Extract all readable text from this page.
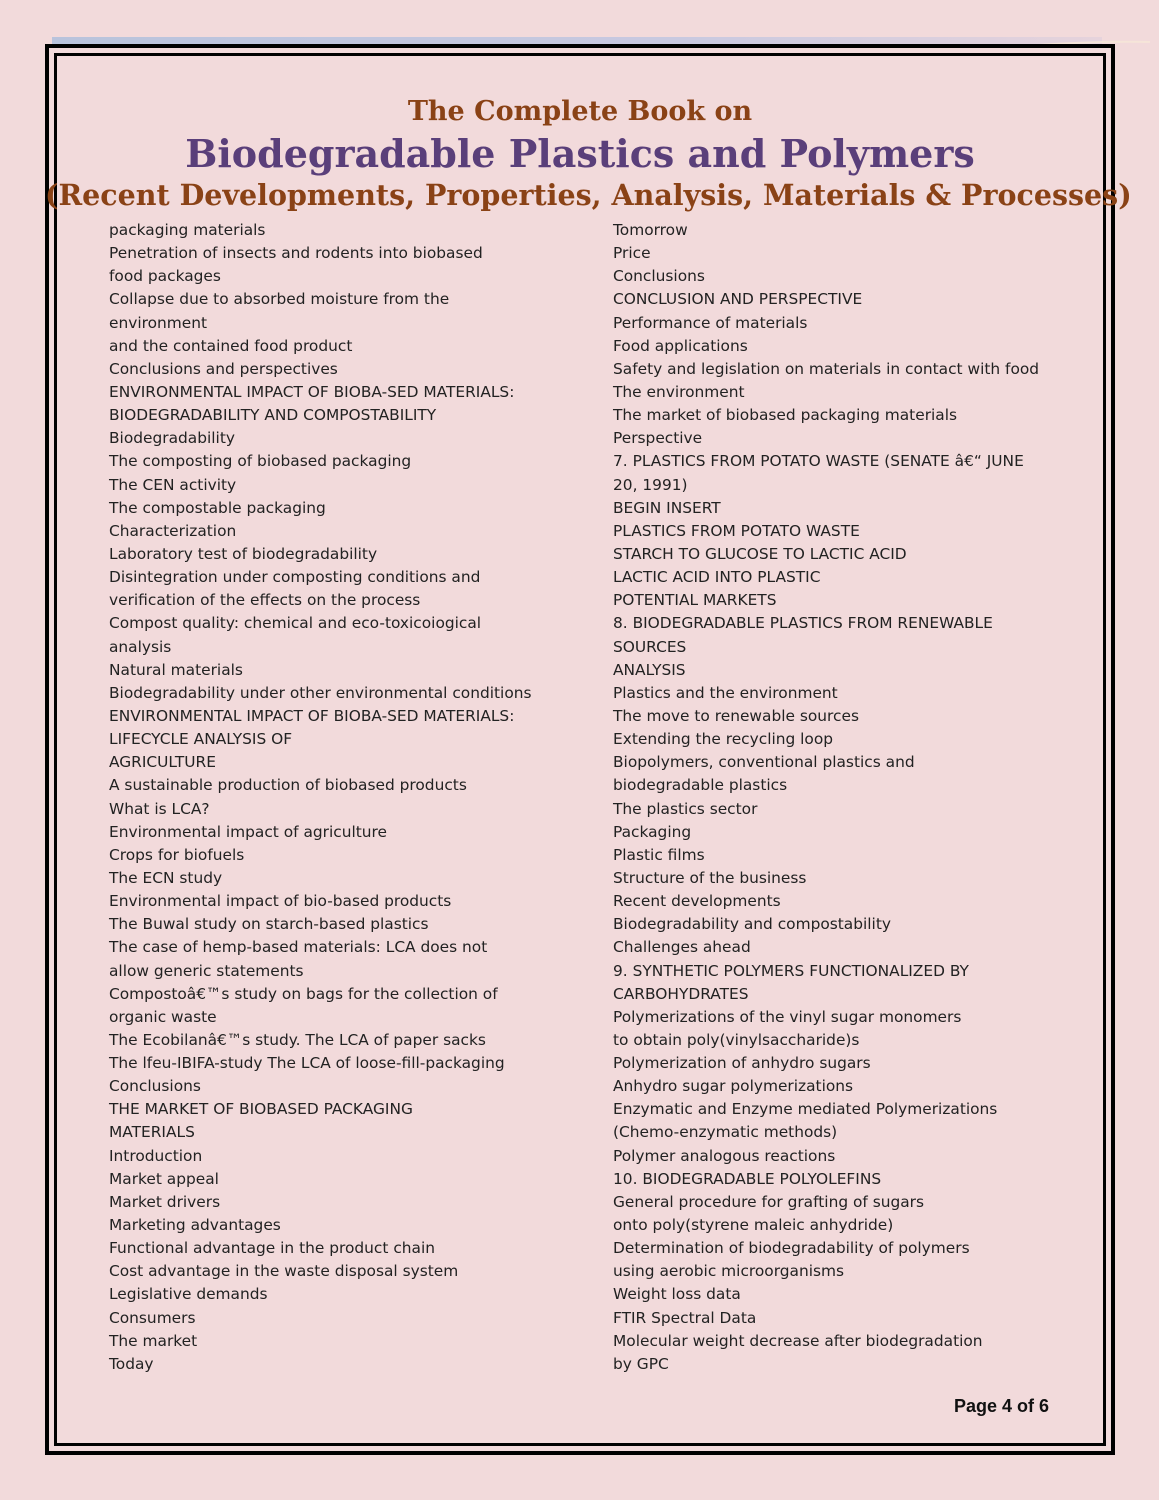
The Complete Book on
Biodegradable Plastics and Polymers
(Recent Developments, Properties, Analysis, Materials & Processes)
packaging materials
Penetration of insects and rodents into biobased
food packages
Collapse due to absorbed moisture from the
environment
and the contained food product
Conclusions and perspectives
ENVIRONMENTAL IMPACT OF BIOBA-SED MATERIALS:
BIODEGRADABILITY AND COMPOSTABILITY
Biodegradability
The composting of biobased packaging
The CEN activity
The compostable packaging
Characterization
Laboratory test of biodegradability
Disintegration under composting conditions and
verification of the effects on the process
Compost quality: chemical and eco-toxicoiogical
analysis
Natural materials
Biodegradability under other environmental conditions
ENVIRONMENTAL IMPACT OF BIOBA-SED MATERIALS:
LIFECYCLE ANALYSIS OF
AGRICULTURE
A sustainable production of biobased products
What is LCA?
Environmental impact of agriculture
Crops for biofuels
The ECN study
Environmental impact of bio-based products
The Buwal study on starch-based plastics
The case of hemp-based materials: LCA does not
allow generic statements
Compostoâ€™s study on bags for the collection of
organic waste
The Ecobilanâ€™s study. The LCA of paper sacks
The lfeu-IBIFA-study The LCA of loose-fill-packaging
Conclusions
THE MARKET OF BIOBASED PACKAGING
MATERIALS
Introduction
Market appeal
Market drivers
Marketing advantages
Functional advantage in the product chain
Cost advantage in the waste disposal system
Legislative demands
Consumers
The market
Today
Tomorrow
Price
Conclusions
CONCLUSION AND PERSPECTIVE
Performance of materials
Food applications
Safety and legislation on materials in contact with food
The environment
The market of biobased packaging materials
Perspective
7. PLASTICS FROM POTATO WASTE (SENATE â€“ JUNE
20, 1991)
BEGIN INSERT
PLASTICS FROM POTATO WASTE
STARCH TO GLUCOSE TO LACTIC ACID
LACTIC ACID INTO PLASTIC
POTENTIAL MARKETS
8. BIODEGRADABLE PLASTICS FROM RENEWABLE
SOURCES
ANALYSIS
Plastics and the environment
The move to renewable sources
Extending the recycling loop
Biopolymers, conventional plastics and
biodegradable plastics
The plastics sector
Packaging
Plastic films
Structure of the business
Recent developments
Biodegradability and compostability
Challenges ahead
9. SYNTHETIC POLYMERS FUNCTIONALIZED BY
CARBOHYDRATES
Polymerizations of the vinyl sugar monomers
to obtain poly(vinylsaccharide)s
Polymerization of anhydro sugars
Anhydro sugar polymerizations
Enzymatic and Enzyme mediated Polymerizations
(Chemo-enzymatic methods)
Polymer analogous reactions
10. BIODEGRADABLE POLYOLEFINS
General procedure for grafting of sugars
onto poly(styrene maleic anhydride)
Determination of biodegradability of polymers
using aerobic microorganisms
Weight loss data
FTIR Spectral Data
Molecular weight decrease after biodegradation
by GPC
Page 4 of 6
